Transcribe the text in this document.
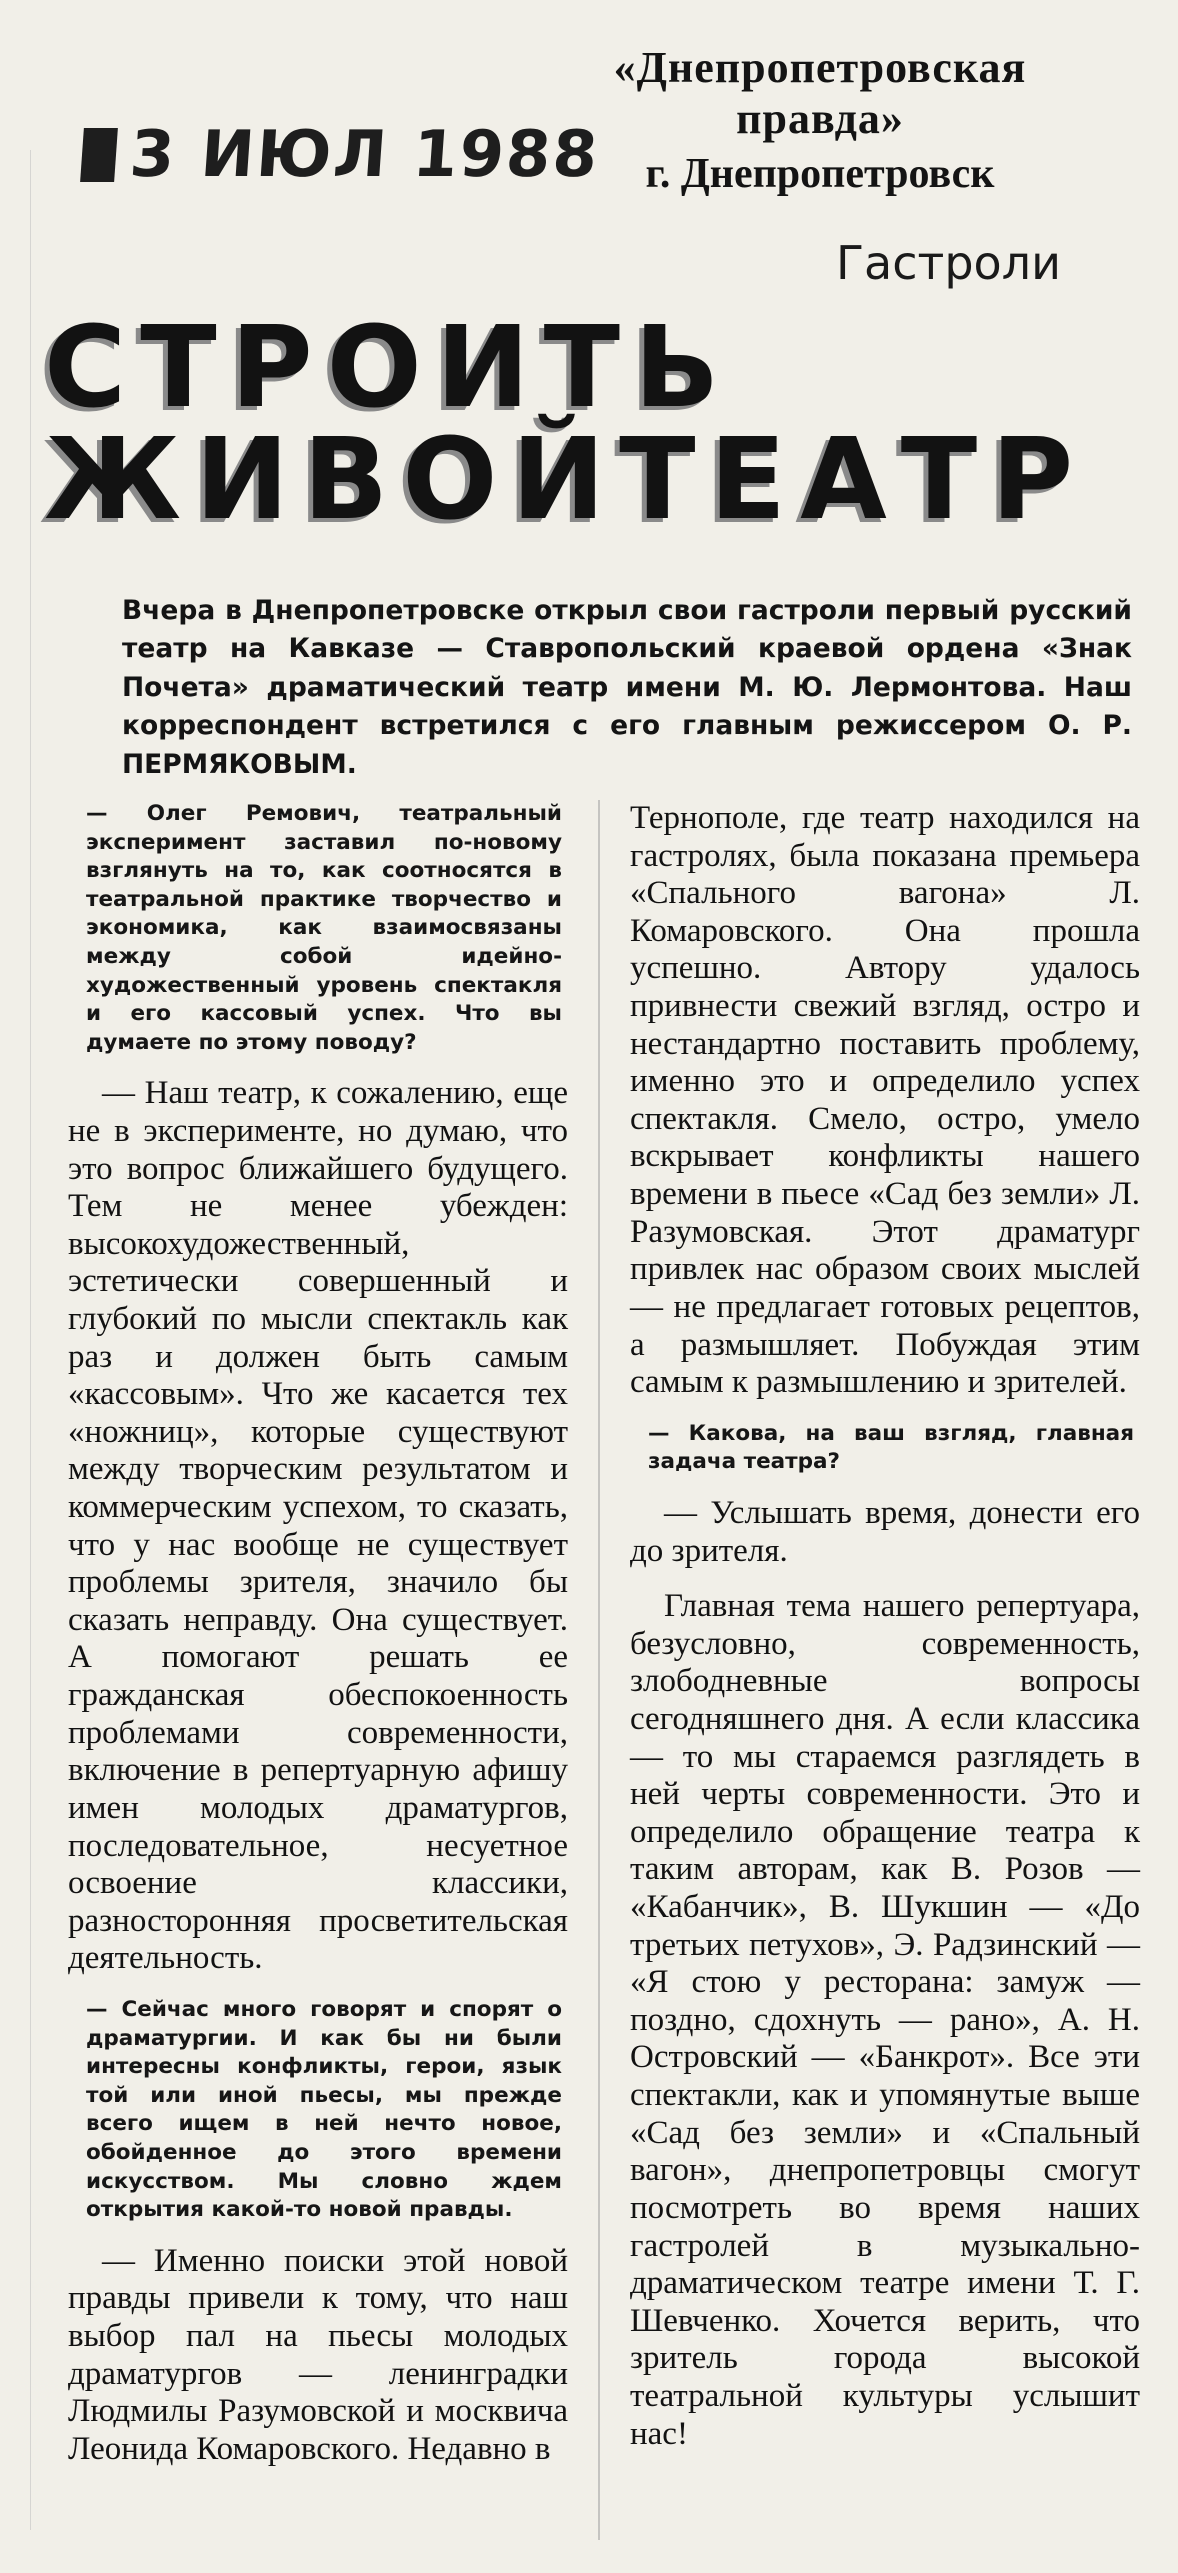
3 ИЮЛ 1988
«Днепропетровская правда»
г. Днепропетровск
Гастроли
СТРОИТЬ
ЖИВОЙ ТЕАТР
Вчера в Днепропетровске открыл свои гастроли первый русский театр на Кавказе — Ставропольский краевой ордена «Знак Почета» драматический театр имени М. Ю. Лермонтова. Наш корреспондент встретился с его главным режиссером О. Р. ПЕРМЯКОВЫМ.

— Олег Ремович, театральный эксперимент заставил по-новому взглянуть на то, как соотносятся в театральной практике творчество и экономика, как взаимосвязаны между собой идейно-художественный уровень спектакля и его кассовый успех. Что вы думаете по этому поводу?

— Наш театр, к сожалению, еще не в эксперименте, но думаю, что это вопрос ближайшего будущего. Тем не менее убежден: высокохудожественный, эстетически совершенный и глубокий по мысли спектакль как раз и должен быть самым «кассовым». Что же касается тех «ножниц», которые существуют между творческим результатом и коммерческим успехом, то сказать, что у нас вообще не существует проблемы зрителя, значило бы сказать неправду. Она существует. А помогают решать ее гражданская обеспокоенность проблемами современности, включение в репертуарную афишу имен молодых драматургов, последовательное, несуетное освоение классики, разносторонняя просветительская деятельность.

— Сейчас много говорят и спорят о драматургии. И как бы ни были интересны конфликты, герои, язык той или иной пьесы, мы прежде всего ищем в ней нечто новое, обойденное до этого времени искусством. Мы словно ждем открытия какой-то новой правды.

— Именно поиски этой новой правды привели к тому, что наш выбор пал на пьесы молодых драматургов — ленинградки Людмилы Разумовской и москвича Леонида Комаровского. Недавно в

Тернополе, где театр находился на гастролях, была показана премьера «Спального вагона» Л. Комаровского. Она прошла успешно. Автору удалось привнести свежий взгляд, остро и нестандартно поставить проблему, именно это и определило успех спектакля. Смело, остро, умело вскрывает конфликты нашего времени в пьесе «Сад без земли» Л. Разумовская. Этот драматург привлек нас образом своих мыслей — не предлагает готовых рецептов, а размышляет. Побуждая этим самым к размышлению и зрителей.

— Какова, на ваш взгляд, главная задача театра?

— Услышать время, донести его до зрителя.

Главная тема нашего репертуара, безусловно, современность, злободневные вопросы сегодняшнего дня. А если классика — то мы стараемся разглядеть в ней черты современности. Это и определило обращение театра к таким авторам, как В. Розов — «Кабанчик», В. Шукшин — «До третьих петухов», Э. Радзинский — «Я стою у ресторана: замуж — поздно, сдохнуть — рано», А. Н. Островский — «Банкрот». Все эти спектакли, как и упомянутые выше «Сад без земли» и «Спальный вагон», днепропетровцы смогут посмотреть во время наших гастролей в музыкально-драматическом театре имени Т. Г. Шевченко. Хочется верить, что зритель города высокой театральной культуры услышит нас!
